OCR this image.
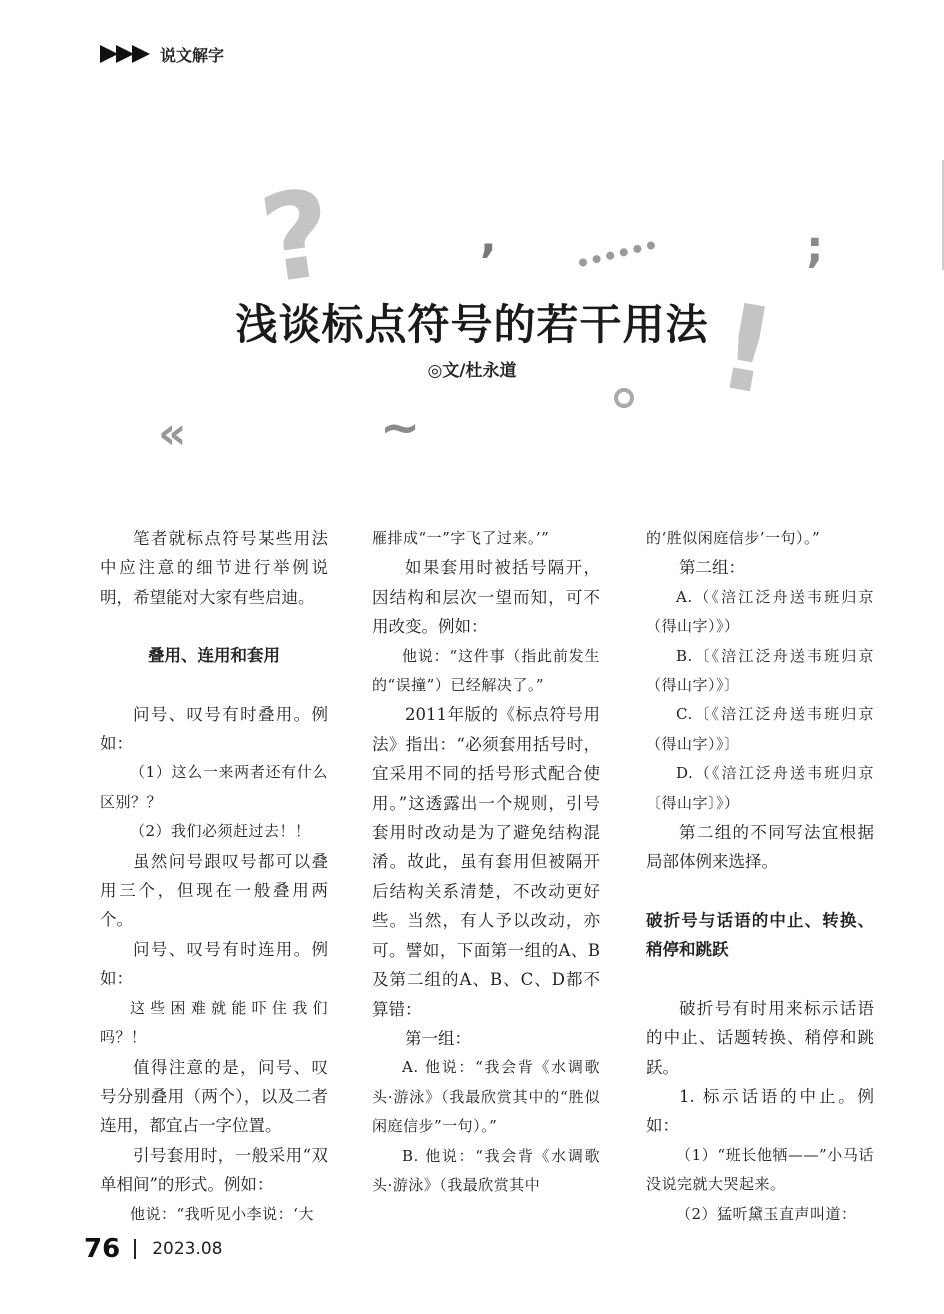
说文解字
?	,	;
!
«	~
浅谈标点符号的若干用法
◎文/杜永道

笔者就标点符号某些用法中应注意的细节进行举例说明，希望能对大家有些启迪。

叠用、连用和套用

问号、叹号有时叠用。例如：

（1）这么一来两者还有什么区别？？

（2）我们必须赶过去！！

虽然问号跟叹号都可以叠用三个，但现在一般叠用两个。

问号、叹号有时连用。例如：

这些困难就能吓住我们吗？！

值得注意的是，问号、叹号分别叠用（两个），以及二者连用，都宜占一字位置。

引号套用时，一般采用“双单相间”的形式。例如：

他说：“我听见小李说：‘大

雁排成“一”字飞了过来。’”

如果套用时被括号隔开，因结构和层次一望而知，可不用改变。例如：

他说：“这件事（指此前发生的“误撞”）已经解决了。”

2011年版的《标点符号用法》指出：“必须套用括号时，宜采用不同的括号形式配合使用。”这透露出一个规则，引号套用时改动是为了避免结构混淆。故此，虽有套用但被隔开后结构关系清楚，不改动更好些。当然，有人予以改动，亦可。譬如，下面第一组的A、B及第二组的A、B、C、D都不算错：

第一组：

A. 他说：“我会背《水调歌头·游泳》（我最欣赏其中的“胜似闲庭信步”一句）。”

B. 他说：“我会背《水调歌头·游泳》（我最欣赏其中

的‘胜似闲庭信步’一句）。”

第二组：

A.（《涪江泛舟送韦班归京（得山字）》）

B.〔《涪江泛舟送韦班归京（得山字）》〕

C.〔《涪江泛舟送韦班归京（得山字）》〕

D.（《涪江泛舟送韦班归京〔得山字〕》）

第二组的不同写法宜根据局部体例来选择。

破折号与话语的中止、转换、稍停和跳跃

破折号有时用来标示话语的中止、话题转换、稍停和跳跃。

1. 标示话语的中止。例如：

（1）“班长他牺——”小马话没说完就大哭起来。

（2）猛听黛玉直声叫道：

76 2023.08
